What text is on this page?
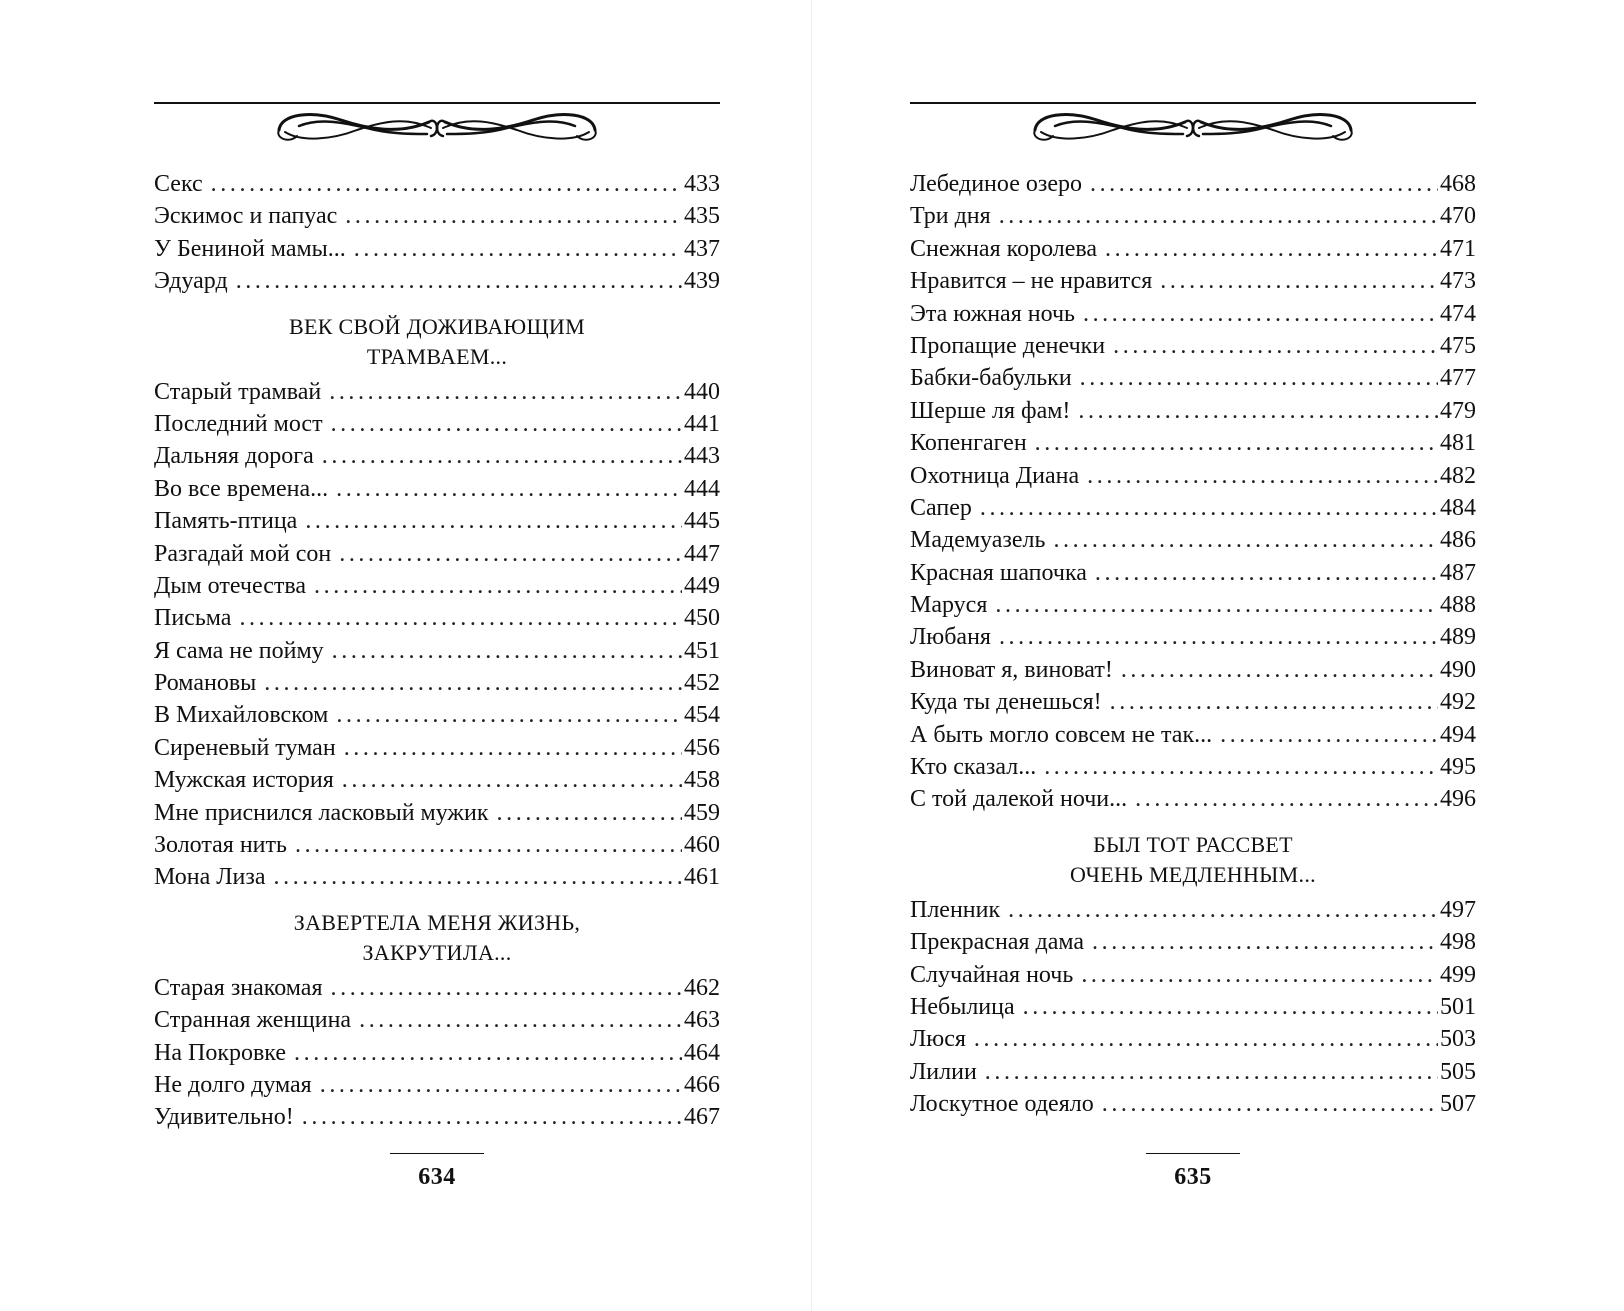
Секс . . .	433
Эскимос и папуас . . .	435
У Бениной мамы... . . .	437
Эдуард . . .	439
ВЕК СВОЙ ДОЖИВАЮЩИМ
ТРАМВАЕМ...
Старый трамвай . . .	440
Последний мост . . .	441
Дальняя дорога . . .	443
Во все времена... . . .	444
Память-птица . . .	445
Разгадай мой сон . . .	447
Дым отечества . . .	449
Письма . . .	450
Я сама не пойму . . .	451
Романовы . . .	452
В Михайловском . . .	454
Сиреневый туман . . .	456
Мужская история . . .	458
Мне приснился ласковый мужик . . .	459
Золотая нить . . .	460
Мона Лиза . . .	461
ЗАВЕРТЕЛА МЕНЯ ЖИЗНЬ,
ЗАКРУТИЛА...
Старая знакомая . . .	462
Странная женщина . . .	463
На Покровке . . .	464
Не долго думая . . .	466
Удивительно! . . .	467
634
Лебединое озеро . . .	468
Три дня . . .	470
Снежная королева . . .	471
Нравится – не нравится . . .	473
Эта южная ночь . . .	474
Пропащие денечки . . .	475
Бабки-бабульки . . .	477
Шерше ля фам! . . .	479
Копенгаген . . .	481
Охотница Диана . . .	482
Сапер . . .	484
Мадемуазель . . .	486
Красная шапочка . . .	487
Маруся . . .	488
Любаня . . .	489
Виноват я, виноват! . . .	490
Куда ты денешься! . . .	492
А быть могло совсем не так... . . .	494
Кто сказал... . . .	495
С той далекой ночи... . . .	496
БЫЛ ТОТ РАССВЕТ
ОЧЕНЬ МЕДЛЕННЫМ...
Пленник . . .	497
Прекрасная дама . . .	498
Случайная ночь . . .	499
Небылица . . .	501
Люся . . .	503
Лилии . . .	505
Лоскутное одеяло . . .	507
635
